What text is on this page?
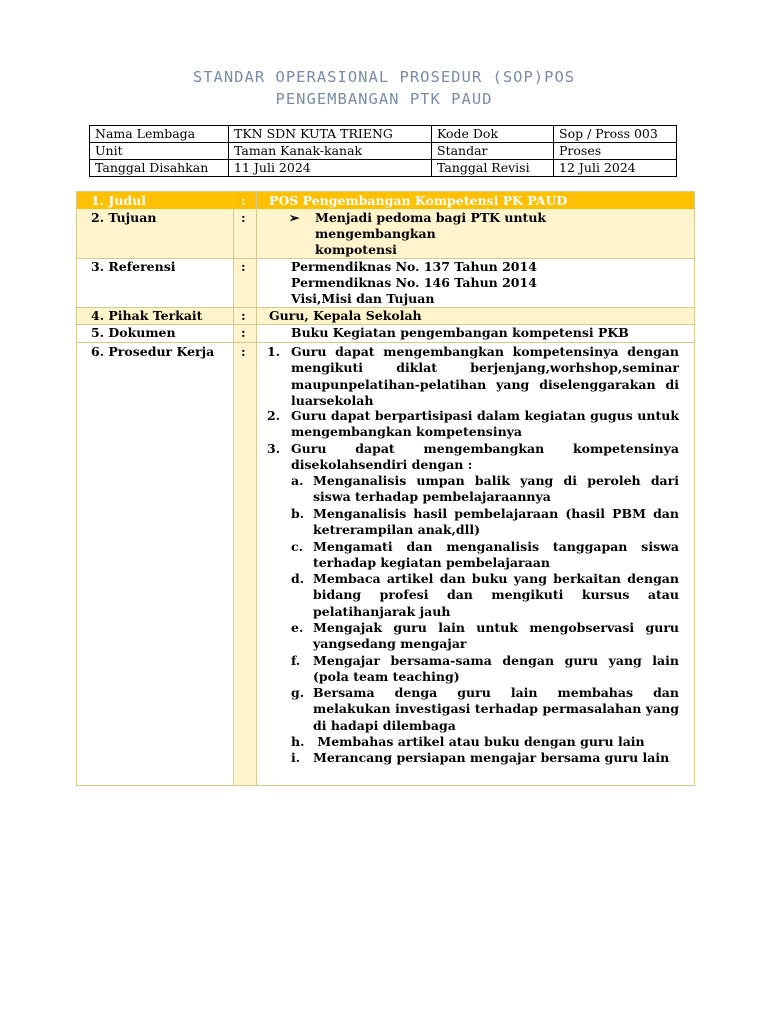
STANDAR OPERASIONAL PROSEDUR (SOP)POS
PENGEMBANGAN PTK PAUD
Nama Lembaga	TKN SDN KUTA TRIENG	Kode Dok	Sop / Pross 003
Unit	Taman Kanak-kanak	Standar	Proses
Tanggal Disahkan	11 Juli 2024	Tanggal Revisi	12 Juli 2024
1. Judul	: POS Pengembangan Kompetensi PK PAUD
2. Tujuan	:	➢ Menjadi pedoma bagi PTK untuk
mengembangkan
kompotensi
3. Referensi	:	Permendiknas No. 137 Tahun 2014
Permendiknas No. 146 Tahun 2014
Visi,Misi dan Tujuan
4. Pihak Terkait	: Guru, Kepala Sekolah
5. Dokumen	:	Buku Kegiatan pengembangan kompetensi PKB
6. Prosedur Kerja : 1. Guru dapat mengembangkan kompetensinya dengan mengikuti diklat berjenjang,worhshop,seminar maupunpelatihan-pelatihan yang diselenggarakan di luarsekolah
2. Guru dapat berpartisipasi dalam kegiatan gugus untuk mengembangkan kompetensinya
3. Guru dapat mengembangkan kompetensinya disekolahsendiri dengan :
a. Menganalisis umpan balik yang di peroleh dari siswa terhadap pembelajaraannya
b. Menganalisis hasil pembelajaraan (hasil PBM dan ketrerampilan anak,dll)
c. Mengamati dan menganalisis tanggapan siswa terhadap kegiatan pembelajaraan
d. Membaca artikel dan buku yang berkaitan dengan bidang profesi dan mengikuti kursus atau pelatihanjarak jauh
e. Mengajak guru lain untuk mengobservasi guru yangsedang mengajar
f. Mengajar bersama-sama dengan guru yang lain (pola team teaching)
g. Bersama denga guru lain membahas dan melakukan investigasi terhadap permasalahan yang di hadapi dilembaga
h. Membahas artikel atau buku dengan guru lain
i. Merancang persiapan mengajar bersama guru lain
